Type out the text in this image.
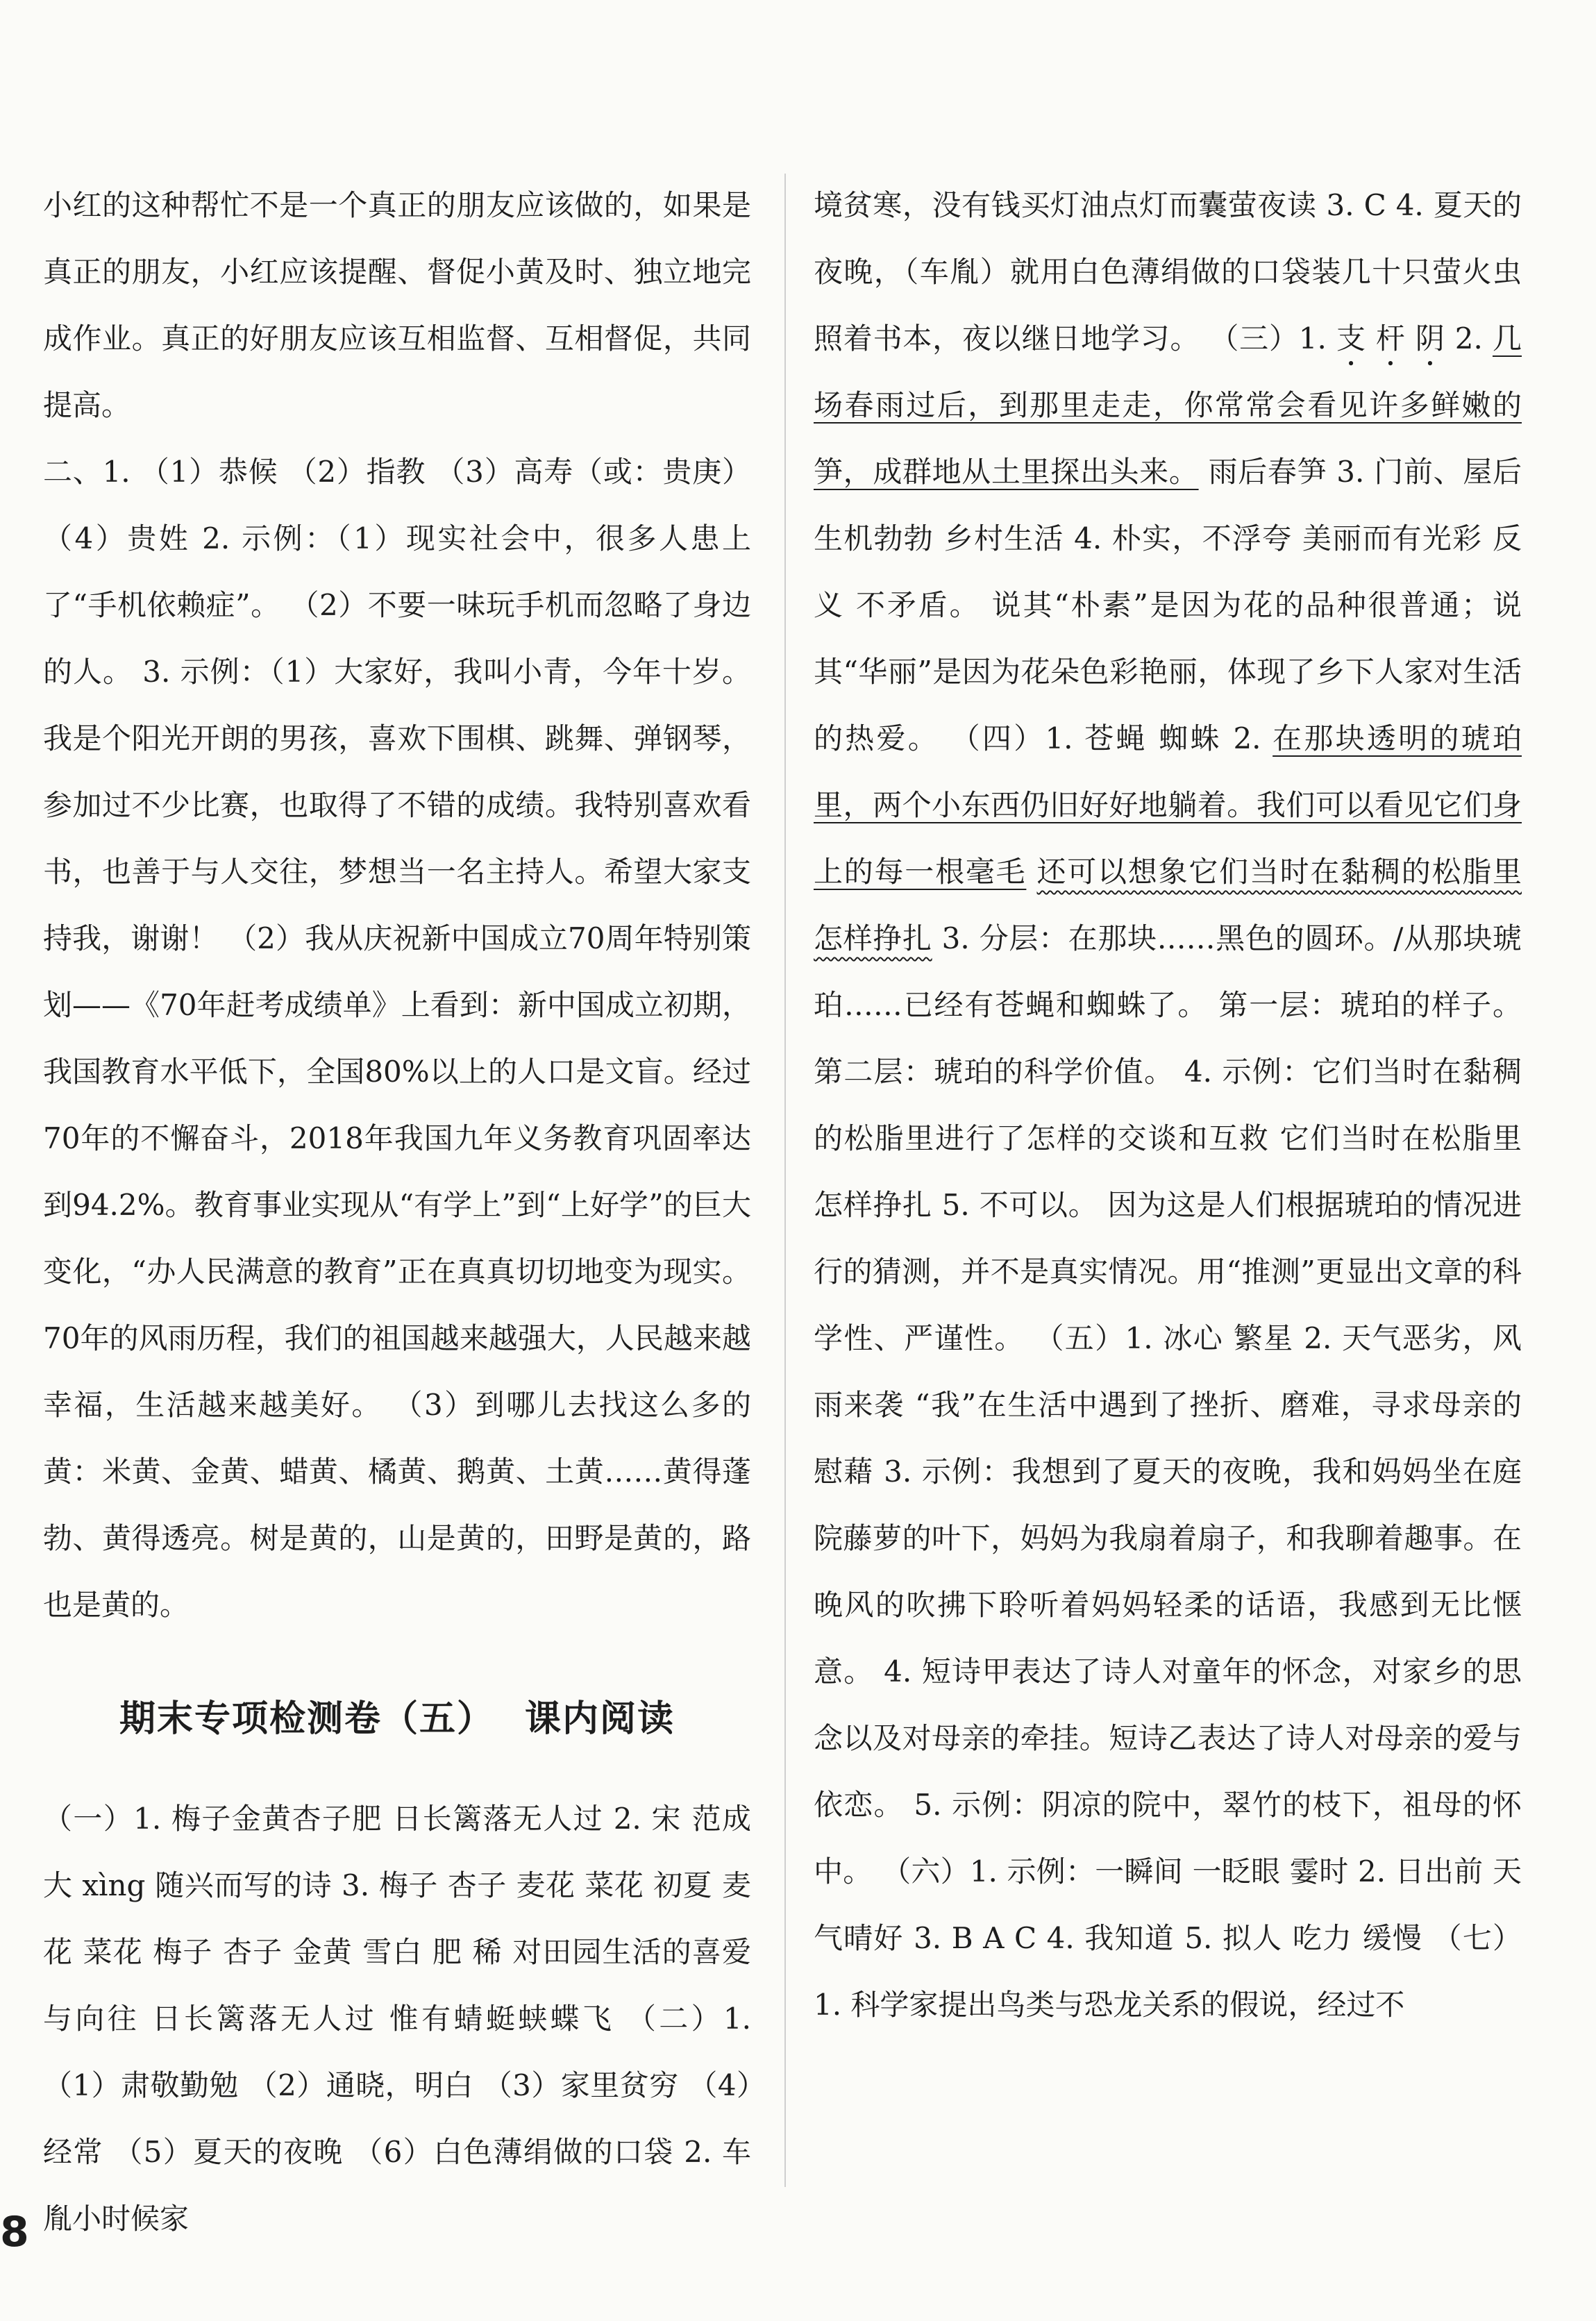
小红的这种帮忙不是一个真正的朋友应该做的，如果是真正的朋友，小红应该提醒、督促小黄及时、独立地完成作业。真正的好朋友应该互相监督、互相督促，共同提高。

二、1. （1）恭候 （2）指教 （3）高寿（或：贵庚） （4）贵姓 2. 示例：（1）现实社会中，很多人患上了“手机依赖症”。 （2）不要一味玩手机而忽略了身边的人。 3. 示例：（1）大家好，我叫小青，今年十岁。我是个阳光开朗的男孩，喜欢下围棋、跳舞、弹钢琴，参加过不少比赛，也取得了不错的成绩。我特别喜欢看书，也善于与人交往，梦想当一名主持人。希望大家支持我，谢谢！ （2）我从庆祝新中国成立70周年特别策划——《70年赶考成绩单》上看到：新中国成立初期，我国教育水平低下，全国80%以上的人口是文盲。经过70年的不懈奋斗，2018年我国九年义务教育巩固率达到94.2%。教育事业实现从“有学上”到“上好学”的巨大变化，“办人民满意的教育”正在真真切切地变为现实。70年的风雨历程，我们的祖国越来越强大，人民越来越幸福，生活越来越美好。 （3）到哪儿去找这么多的黄：米黄、金黄、蜡黄、橘黄、鹅黄、土黄……黄得蓬勃、黄得透亮。树是黄的，山是黄的，田野是黄的，路也是黄的。

期末专项检测卷（五） 课内阅读

（一）1. 梅子金黄杏子肥 日长篱落无人过 2. 宋 范成大 xìng 随兴而写的诗 3. 梅子 杏子 麦花 菜花 初夏 麦花 菜花 梅子 杏子 金黄 雪白 肥 稀 对田园生活的喜爱与向往 日长篱落无人过 惟有蜻蜓蛱蝶飞 （二）1. （1）肃敬勤勉 （2）通晓，明白 （3）家里贫穷 （4）经常 （5）夏天的夜晚 （6）白色薄绢做的口袋 2. 车胤小时候家

境贫寒，没有钱买灯油点灯而囊萤夜读 3. C 4. 夏天的夜晚，（车胤）就用白色薄绢做的口袋装几十只萤火虫照着书本，夜以继日地学习。 （三）1. 支 杆 阴 2. 几场春雨过后，到那里走走，你常常会看见许多鲜嫩的笋，成群地从土里探出头来。 雨后春笋 3. 门前、屋后 生机勃勃 乡村生活 4. 朴实，不浮夸 美丽而有光彩 反义 不矛盾。 说其“朴素”是因为花的品种很普通；说其“华丽”是因为花朵色彩艳丽，体现了乡下人家对生活的热爱。 （四）1. 苍蝇 蜘蛛 2. 在那块透明的琥珀里，两个小东西仍旧好好地躺着。我们可以看见它们身上的每一根毫毛 还可以想象它们当时在黏稠的松脂里怎样挣扎 3. 分层：在那块……黑色的圆环。/从那块琥珀……已经有苍蝇和蜘蛛了。 第一层：琥珀的样子。 第二层：琥珀的科学价值。 4. 示例：它们当时在黏稠的松脂里进行了怎样的交谈和互救 它们当时在松脂里怎样挣扎 5. 不可以。 因为这是人们根据琥珀的情况进行的猜测，并不是真实情况。用“推测”更显出文章的科学性、严谨性。 （五）1. 冰心 繁星 2. 天气恶劣，风雨来袭 “我”在生活中遇到了挫折、磨难，寻求母亲的慰藉 3. 示例：我想到了夏天的夜晚，我和妈妈坐在庭院藤萝的叶下，妈妈为我扇着扇子，和我聊着趣事。在晚风的吹拂下聆听着妈妈轻柔的话语，我感到无比惬意。 4. 短诗甲表达了诗人对童年的怀念，对家乡的思念以及对母亲的牵挂。短诗乙表达了诗人对母亲的爱与依恋。 5. 示例：阴凉的院中，翠竹的枝下，祖母的怀中。 （六）1. 示例：一瞬间 一眨眼 霎时 2. 日出前 天气晴好 3. B A C 4. 我知道 5. 拟人 吃力 缓慢 （七）1. 科学家提出鸟类与恐龙关系的假说，经过不

8
